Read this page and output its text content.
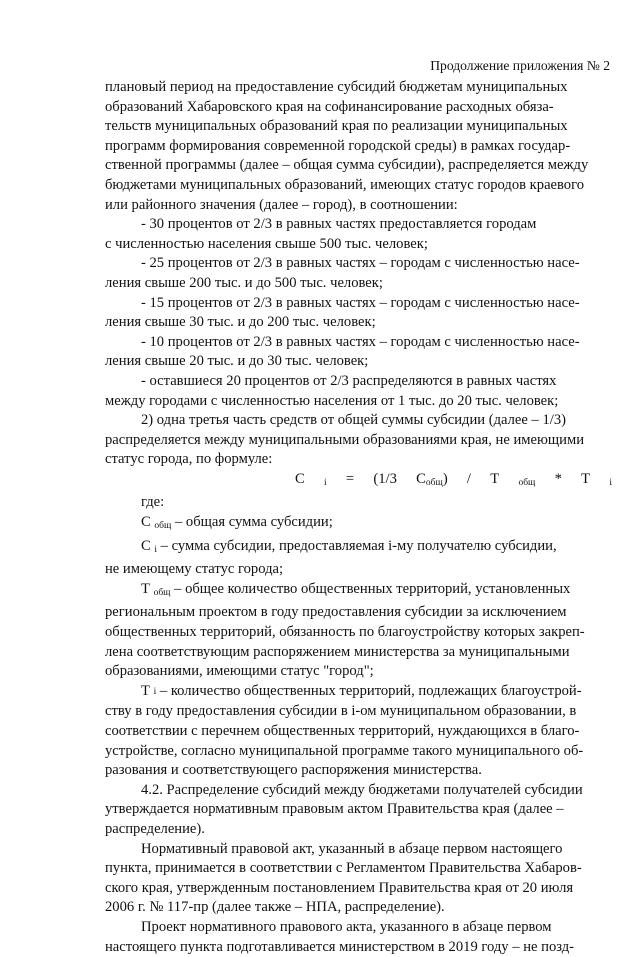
Продолжение приложения № 2

плановый период на предоставление субсидий бюджетам муниципальных
образований Хабаровского края на софинансирование расходных обяза-
тельств муниципальных образований края по реализации муниципальных
программ формирования современной городской среды) в рамках государ-
ственной программы (далее – общая сумма субсидии), распределяется между
бюджетами муниципальных образований, имеющих статус городов краевого
или районного значения (далее – город), в соотношении:

- 30 процентов от 2/3 в равных частях предоставляется городам
с численностью населения свыше 500 тыс. человек;

- 25 процентов от 2/3 в равных частях – городам с численностью насе-
ления свыше 200 тыс. и до 500 тыс. человек;

- 15 процентов от 2/3 в равных частях – городам с численностью насе-
ления свыше 30 тыс. и до 200 тыс. человек;

- 10 процентов от 2/3 в равных частях – городам с численностью насе-
ления свыше 20 тыс. и до 30 тыс. человек;

- оставшиеся 20 процентов от 2/3 распределяются в равных частях
между городами с численностью населения от 1 тыс. до 20 тыс. человек;

2) одна третья часть средств от общей суммы субсидии (далее – 1/3)
распределяется между муниципальными образованиями края, не имеющими
статус города, по формуле:

С $_i$ = (1/3 $С_{общ}$) / Т $_{общ}$ * Т $_i$

где:

С $_{общ}$ – общая сумма субсидии;

С $_i$ – сумма субсидии, предоставляемая i-му получателю субсидии,
не имеющему статус города;

Т $_{общ}$ – общее количество общественных территорий, установленных
региональным проектом в году предоставления субсидии за исключением
общественных территорий, обязанность по благоустройству которых закреп-
лена соответствующим распоряжением министерства за муниципальными
образованиями, имеющими статус "город";

Т i – количество общественных территорий, подлежащих благоустрой-
ству в году предоставления субсидии в i-ом муниципальном образовании, в
соответствии с перечнем общественных территорий, нуждающихся в благо-
устройстве, согласно муниципальной программе такого муниципального об-
разования и соответствующего распоряжения министерства.

4.2. Распределение субсидий между бюджетами получателей субсидии
утверждается нормативным правовым актом Правительства края (далее –
распределение).

Нормативный правовой акт, указанный в абзаце первом настоящего
пункта, принимается в соответствии с Регламентом Правительства Хабаров-
ского края, утвержденным постановлением Правительства края от 20 июля
2006 г. № 117-пр (далее также – НПА, распределение).

Проект нормативного правового акта, указанного в абзаце первом
настоящего пункта подготавливается министерством в 2019 году – не позд-
